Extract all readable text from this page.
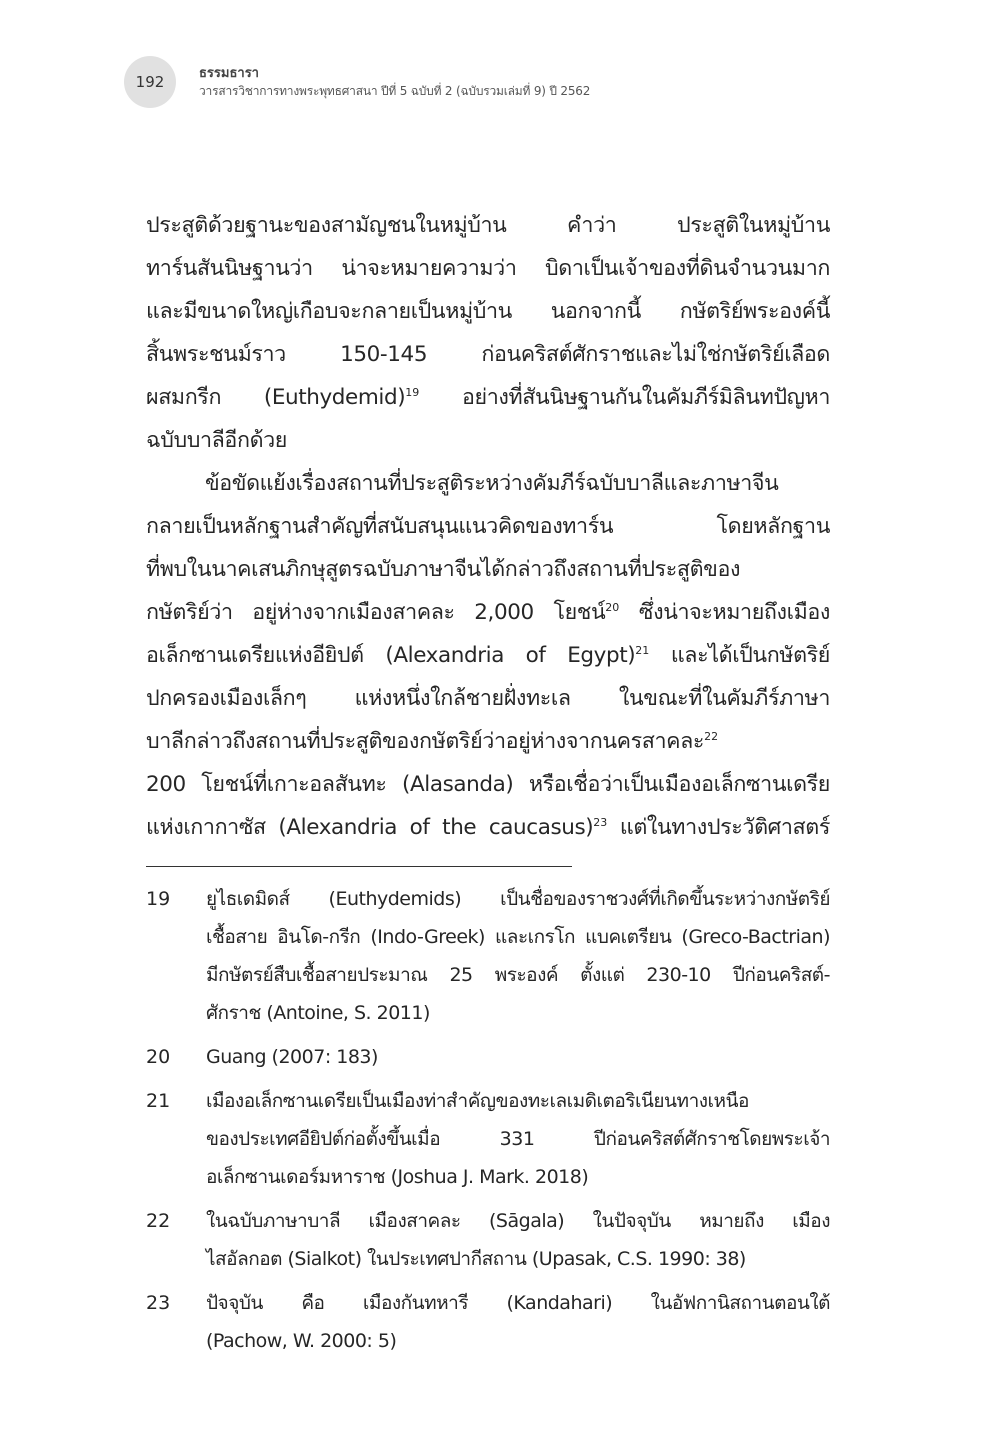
192	ธรรมธารา
วารสารวิชาการทางพระพุทธศาสนา ปีที่ 5 ฉบับที่ 2 (ฉบับรวมเล่มที่ 9) ปี 2562
ประสูติด้วยฐานะของสามัญชนในหมู่บ้าน คำว่า ประสูติในหมู่บ้าน
ทาร์นสันนิษฐานว่า น่าจะหมายความว่า บิดาเป็นเจ้าของที่ดินจำนวนมาก
และมีขนาดใหญ่เกือบจะกลายเป็นหมู่บ้าน นอกจากนี้ กษัตริย์พระองค์นี้
สิ้นพระชนม์ราว 150-145 ก่อนคริสต์ศักราชและไม่ใช่กษัตริย์เลือด
ผสมกรีก (Euthydemid)$^{19}$ อย่างที่สันนิษฐานกันในคัมภีร์มิลินทปัญหา
ฉบับบาลีอีกด้วย
ข้อขัดแย้งเรื่องสถานที่ประสูติระหว่างคัมภีร์ฉบับบาลีและภาษาจีน
กลายเป็นหลักฐานสำคัญที่สนับสนุนแนวคิดของทาร์น โดยหลักฐาน
ที่พบในนาคเสนภิกษุสูตรฉบับภาษาจีนได้กล่าวถึงสถานที่ประสูติของ
กษัตริย์ว่า อยู่ห่างจากเมืองสาคละ 2,000 โยชน์$^{20}$ ซึ่งน่าจะหมายถึงเมือง
อเล็กซานเดรียแห่งอียิปต์ (Alexandria of Egypt)$^{21}$ และได้เป็นกษัตริย์
ปกครองเมืองเล็กๆ แห่งหนึ่งใกล้ชายฝั่งทะเล ในขณะที่ในคัมภีร์ภาษา
บาลีกล่าวถึงสถานที่ประสูติของกษัตริย์ว่าอยู่ห่างจากนครสาคละ$^{22}$
200 โยชน์ที่เกาะอลสันทะ (Alasanda) หรือเชื่อว่าเป็นเมืองอเล็กซานเดรีย
แห่งเกากาซัส (Alexandria of the caucasus)$^{23}$ แต่ในทางประวัติศาสตร์
19	ยูไธเดมิดส์ (Euthydemids) เป็นชื่อของราชวงศ์ที่เกิดขึ้นระหว่างกษัตริย์
เชื้อสาย อินโด-กรีก (Indo-Greek) และเกรโก แบคเตรียน (Greco-Bactrian)
มีกษัตรย์สืบเชื้อสายประมาณ 25 พระองค์ ตั้งแต่ 230-10 ปีก่อนคริสต์-
ศักราช (Antoine, S. 2011)
20	Guang (2007: 183)
21	เมืองอเล็กซานเดรียเป็นเมืองท่าสำคัญของทะเลเมดิเตอริเนียนทางเหนือ
ของประเทศอียิปต์ก่อตั้งขึ้นเมื่อ 331 ปีก่อนคริสต์ศักราชโดยพระเจ้า
อเล็กซานเดอร์มหาราช (Joshua J. Mark. 2018)
22	ในฉบับภาษาบาลี เมืองสาคละ (Sāgala) ในปัจจุบัน หมายถึง เมือง
ไสอัลกอต (Sialkot) ในประเทศปากีสถาน (Upasak, C.S. 1990: 38)
23	ปัจจุบัน คือ เมืองกันทหารี (Kandahari) ในอัฟกานิสถานตอนใต้
(Pachow, W. 2000: 5)
